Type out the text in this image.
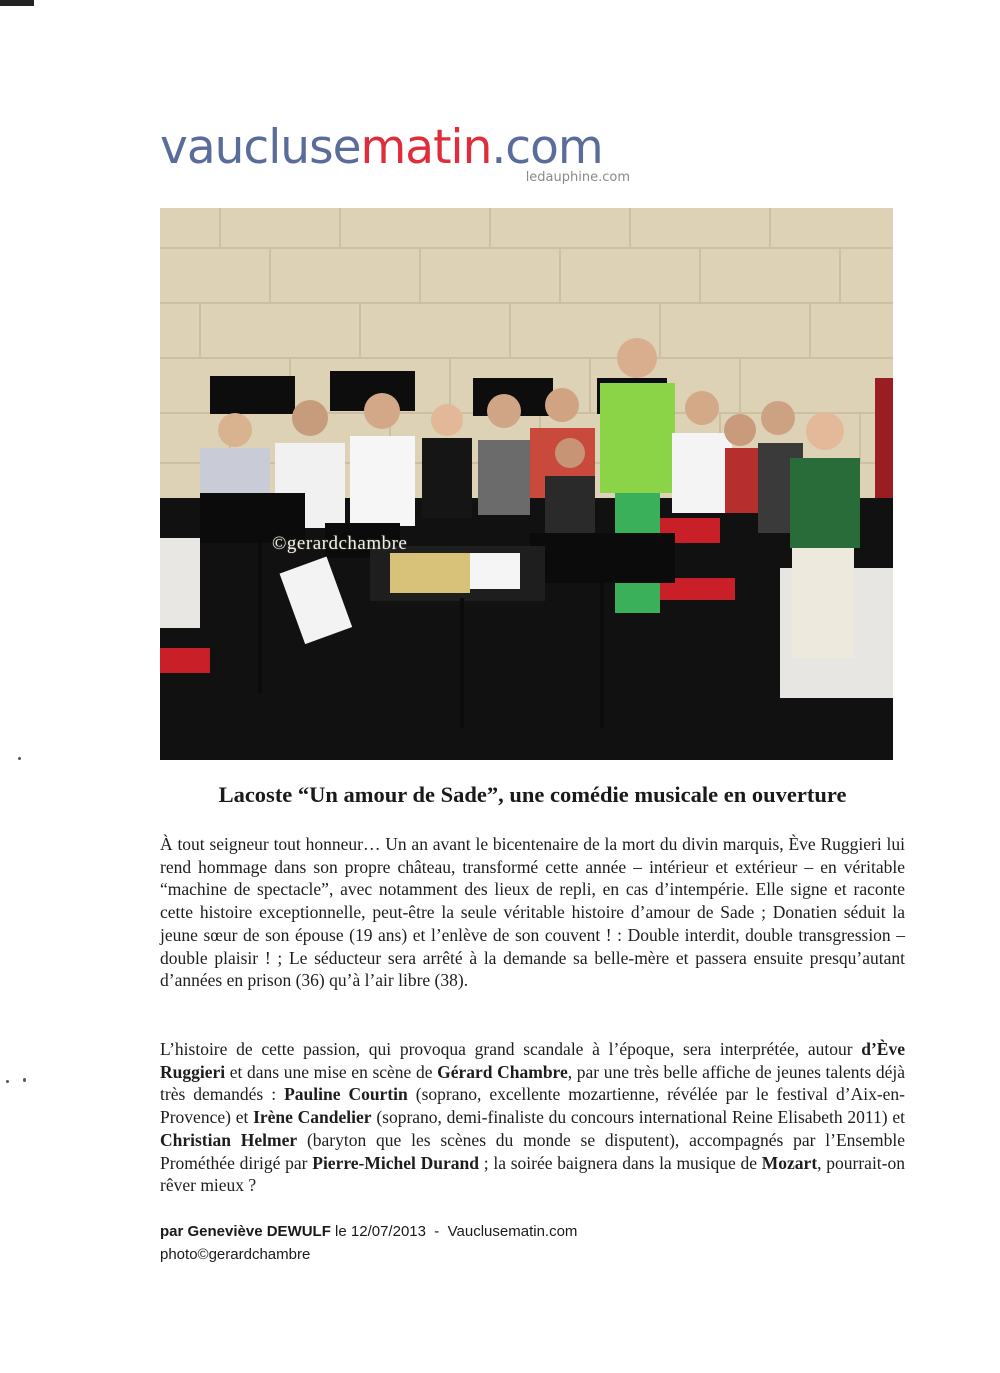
vauclusematin.com
ledauphine.com
©gerardchambre
Lacoste “Un amour de Sade”, une comédie musicale en ouverture
À tout seigneur tout honneur… Un an avant le bicentenaire de la mort du divin marquis, Ève Ruggieri lui rend hommage dans son propre château, transformé cette année – intérieur et extérieur – en véritable “machine de spectacle”, avec notamment des lieux de repli, en cas d’intempérie. Elle signe et raconte cette histoire exceptionnelle, peut-être la seule véritable histoire d’amour de Sade ; Donatien séduit la jeune sœur de son épouse (19 ans) et l’enlève de son couvent ! : Double interdit, double transgression – double plaisir ! ; Le séducteur sera arrêté à la demande sa belle-mère et passera ensuite presqu’autant d’années en prison (36) qu’à l’air libre (38).
L’histoire de cette passion, qui provoqua grand scandale à l’époque, sera interprétée, autour d’Ève Ruggieri et dans une mise en scène de Gérard Chambre, par une très belle affiche de jeunes talents déjà très demandés : Pauline Courtin (soprano, excellente mozartienne, révélée par le festival d’Aix-en-Provence) et Irène Candelier (soprano, demi-finaliste du concours international Reine Elisabeth 2011) et Christian Helmer (baryton que les scènes du monde se disputent), accompagnés par l’Ensemble Prométhée dirigé par Pierre-Michel Durand ; la soirée baignera dans la musique de Mozart, pourrait-on rêver mieux ?
par Geneviève DEWULF le 12/07/2013  -  Vauclusematin.com
photo©gerardchambre
